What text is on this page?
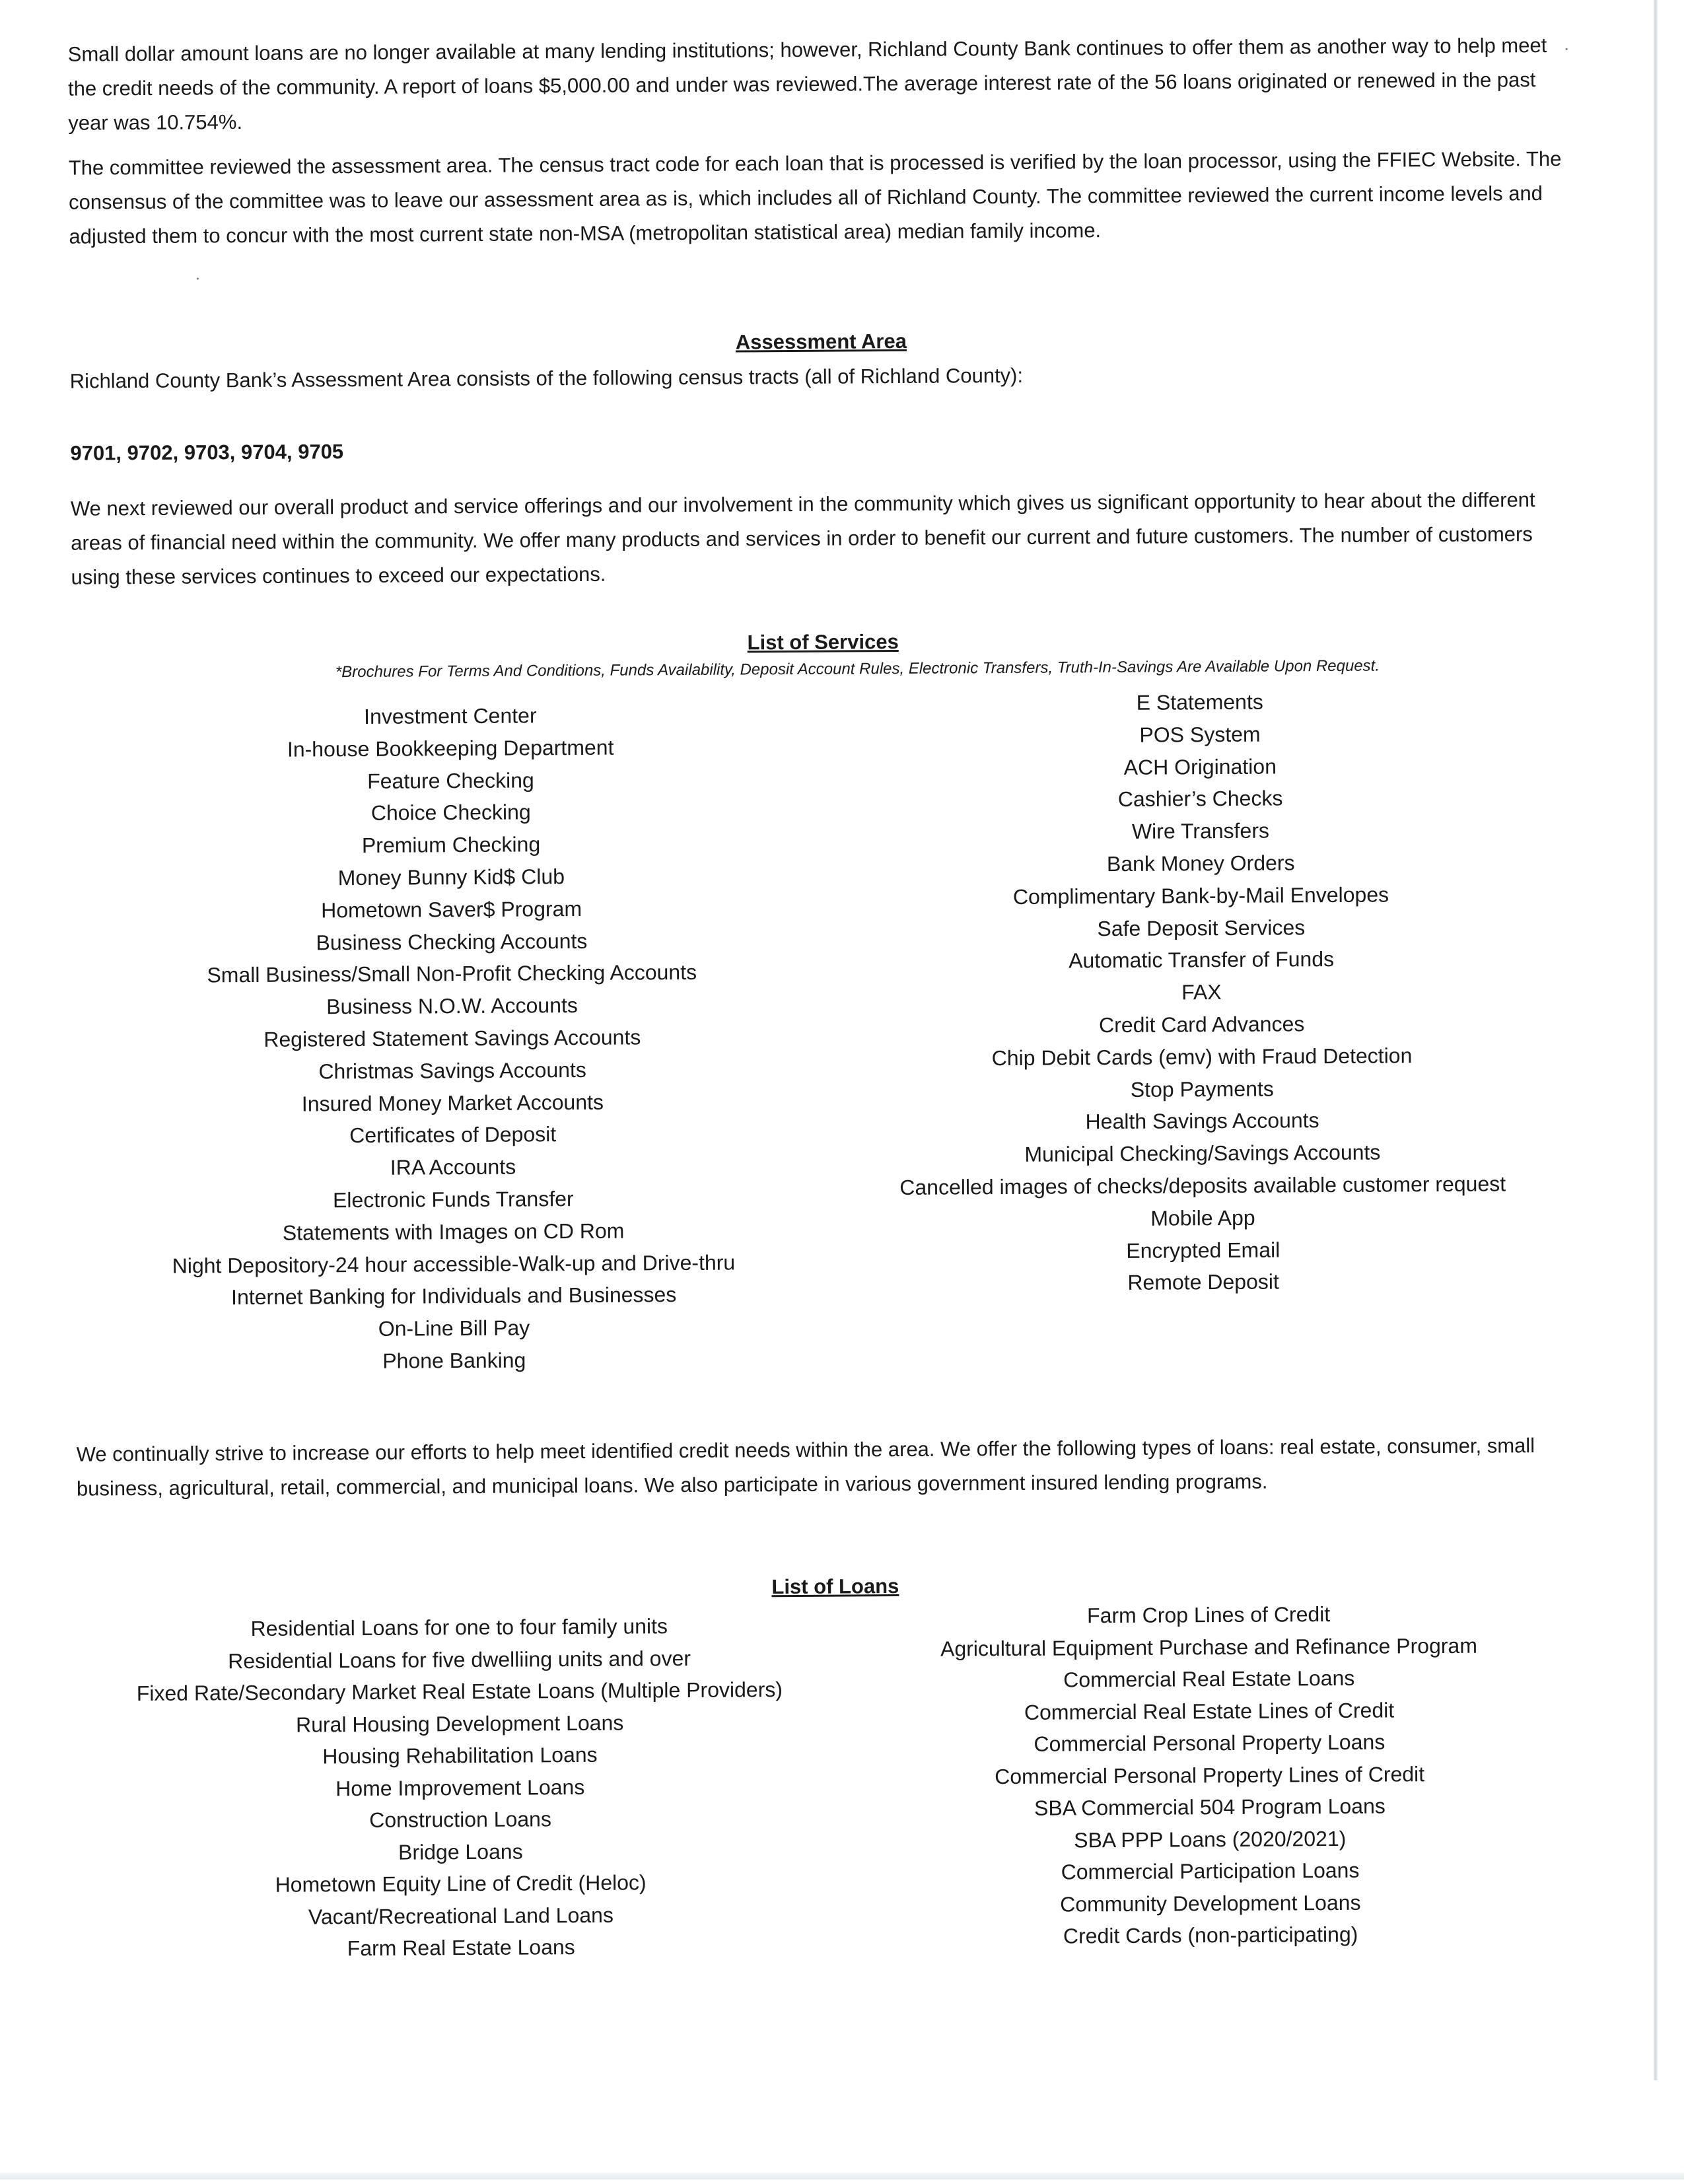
Small dollar amount loans are no longer available at many lending institutions; however, Richland County Bank continues to offer them as another way to help meet the credit needs of the community. A report of loans $5,000.00 and under was reviewed.The average interest rate of the 56 loans originated or renewed in the past year was 10.754%.

The committee reviewed the assessment area. The census tract code for each loan that is processed is verified by the loan processor, using the FFIEC Website. The consensus of the committee was to leave our assessment area as is, which includes all of Richland County. The committee reviewed the current income levels and adjusted them to concur with the most current state non-MSA (metropolitan statistical area) median family income.

Assessment Area

Richland County Bank’s Assessment Area consists of the following census tracts (all of Richland County):

9701, 9702, 9703, 9704, 9705

We next reviewed our overall product and service offerings and our involvement in the community which gives us significant opportunity to hear about the different areas of financial need within the community. We offer many products and services in order to benefit our current and future customers. The number of customers using these services continues to exceed our expectations.

List of Services
*Brochures For Terms And Conditions, Funds Availability, Deposit Account Rules, Electronic Transfers, Truth-In-Savings Are Available Upon Request.
Investment Center
In-house Bookkeeping Department
Feature Checking
Choice Checking
Premium Checking
Money Bunny Kid$ Club
Hometown Saver$ Program
Business Checking Accounts
Small Business/Small Non-Profit Checking Accounts
Business N.O.W. Accounts
Registered Statement Savings Accounts
Christmas Savings Accounts
Insured Money Market Accounts
Certificates of Deposit
IRA Accounts
Electronic Funds Transfer
Statements with Images on CD Rom
Night Depository-24 hour accessible-Walk-up and Drive-thru
Internet Banking for Individuals and Businesses
On-Line Bill Pay
Phone Banking
E Statements
POS System
ACH Origination
Cashier’s Checks
Wire Transfers
Bank Money Orders
Complimentary Bank-by-Mail Envelopes
Safe Deposit Services
Automatic Transfer of Funds
FAX
Credit Card Advances
Chip Debit Cards (emv) with Fraud Detection
Stop Payments
Health Savings Accounts
Municipal Checking/Savings Accounts
Cancelled images of checks/deposits available customer request
Mobile App
Encrypted Email
Remote Deposit

We continually strive to increase our efforts to help meet identified credit needs within the area. We offer the following types of loans: real estate, consumer, small business, agricultural, retail, commercial, and municipal loans. We also participate in various government insured lending programs.

List of Loans
Residential Loans for one to four family units
Residential Loans for five dwelliing units and over
Fixed Rate/Secondary Market Real Estate Loans (Multiple Providers)
Rural Housing Development Loans
Housing Rehabilitation Loans
Home Improvement Loans
Construction Loans
Bridge Loans
Hometown Equity Line of Credit (Heloc)
Vacant/Recreational Land Loans
Farm Real Estate Loans
Farm Crop Lines of Credit
Agricultural Equipment Purchase and Refinance Program
Commercial Real Estate Loans
Commercial Real Estate Lines of Credit
Commercial Personal Property Loans
Commercial Personal Property Lines of Credit
SBA Commercial 504 Program Loans
SBA PPP Loans (2020/2021)
Commercial Participation Loans
Community Development Loans
Credit Cards (non-participating)
